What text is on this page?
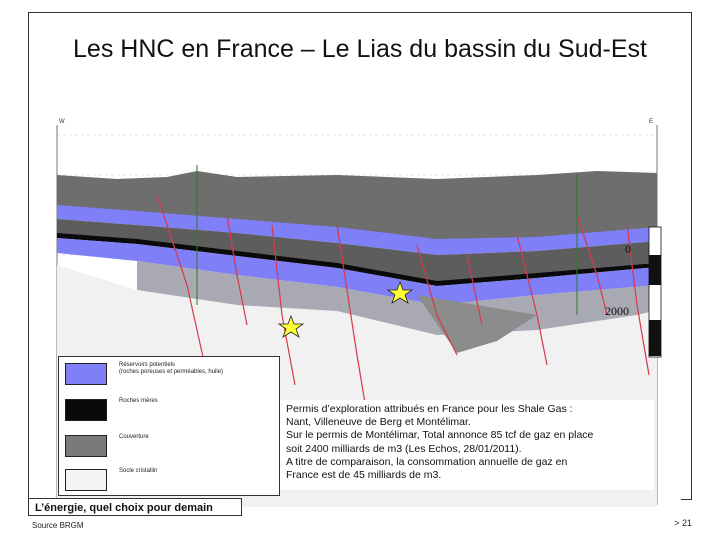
Les HNC en France – Le Lias du bassin du Sud-Est
W	E
0
2000
Réservoirs potentiels
(roches poreuses et perméables, huile)
Roches mères
Couverture
Socle cristallin
Permis d’exploration attribués en France pour les Shale Gas :
Nant, Villeneuve de Berg et Montélimar.
Sur le permis de Montélimar, Total annonce 85 tcf de gaz en place
soit 2400 milliards de m3 (Les Echos, 28/01/2011).
A titre de comparaison, la consommation annuelle de gaz en
France est de 45 milliards de m3.
L’énergie, quel choix pour demain
Source BRGM	> 21
